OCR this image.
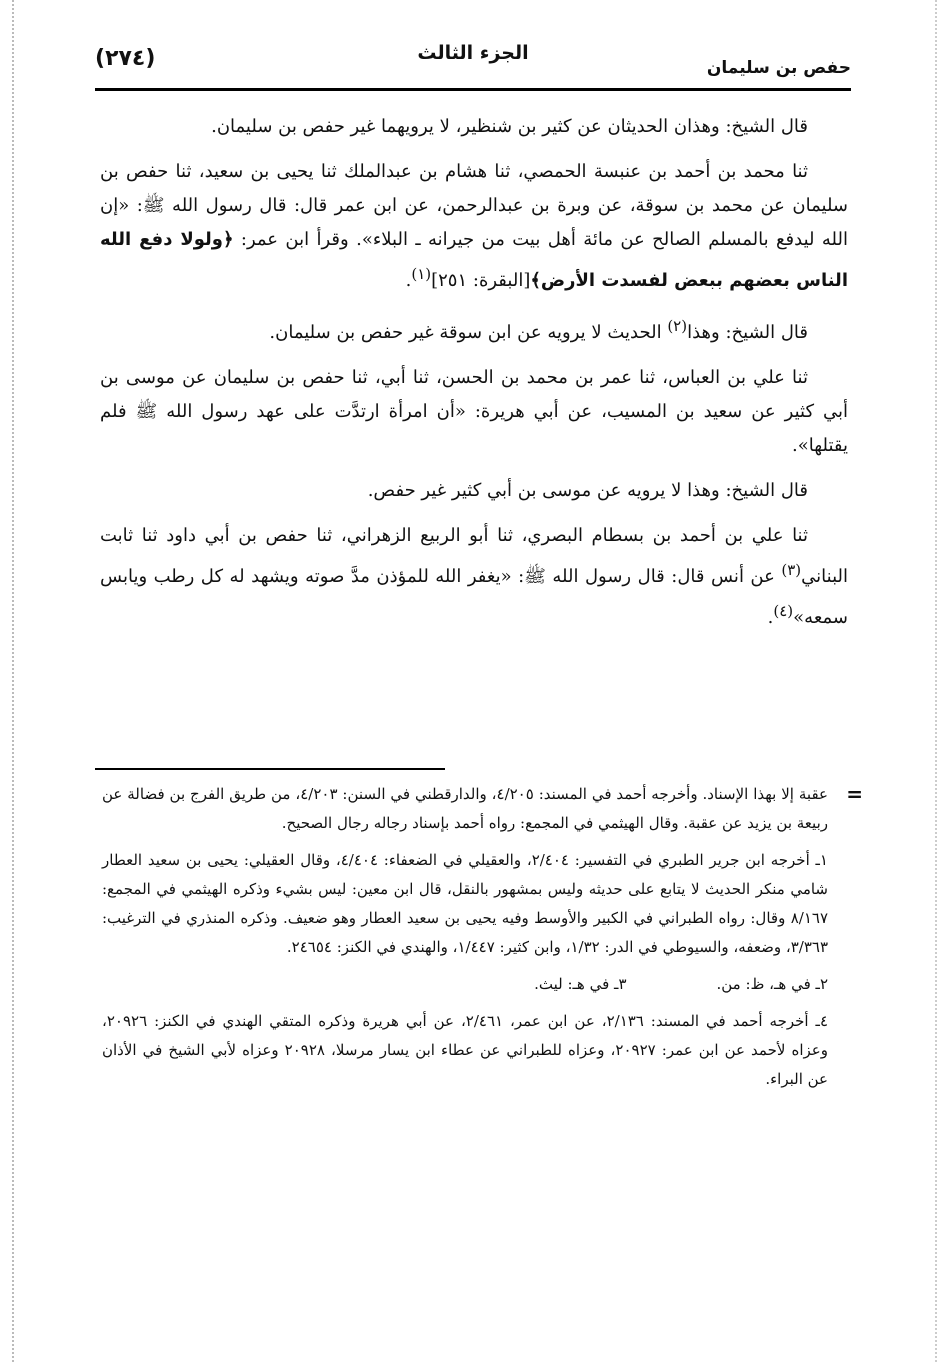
(٢٧٤)	الجزء الثالث
حفص بن سليمان

قال الشيخ: وهذان الحديثان عن كثير بن شنظير، لا يرويهما غير حفص بن سليمان.

ثنا محمد بن أحمد بن عنبسة الحمصي، ثنا هشام بن عبدالملك ثنا يحيى بن سعيد، ثنا حفص بن سليمان عن محمد بن سوقة، عن وبرة بن عبدالرحمن، عن ابن عمر قال: قال رسول الله ﷺ: «إن الله ليدفع بالمسلم الصالح عن مائة أهل بيت من جيرانه ـ البلاء». وقرأ ابن عمر: ﴿ولولا دفع الله الناس بعضهم ببعض لفسدت الأرض﴾[البقرة: ٢٥١]$^{(١)}$.

قال الشيخ: وهذا$^{(٢)}$ الحديث لا يرويه عن ابن سوقة غير حفص بن سليمان.

ثنا علي بن العباس، ثنا عمر بن محمد بن الحسن، ثنا أبي، ثنا حفص بن سليمان عن موسى بن أبي كثير عن سعيد بن المسيب، عن أبي هريرة: «أن امرأة ارتدَّت على عهد رسول الله ﷺ فلم يقتلها».

قال الشيخ: وهذا لا يرويه عن موسى بن أبي كثير غير حفص.

ثنا علي بن أحمد بن بسطام البصري، ثنا أبو الربيع الزهراني، ثنا حفص بن أبي داود ثنا ثابت البناني$^{(٣)}$ عن أنس قال: قال رسول الله ﷺ: «يغفر الله للمؤذن مدَّ صوته ويشهد له كل رطب ويابس سمعه»$^{(٤)}$.

=

عقبة إلا بهذا الإسناد. وأخرجه أحمد في المسند: ٤/٢٠٥، والدارقطني في السنن: ٤/٢٠٣، من طريق الفرج بن فضالة عن ربيعة بن يزيد عن عقبة. وقال الهيثمي في المجمع: رواه أحمد بإسناد رجاله رجال الصحيح.

١ـ أخرجه ابن جرير الطبري في التفسير: ٢/٤٠٤، والعقيلي في الضعفاء: ٤/٤٠٤، وقال العقيلي: يحيى بن سعيد العطار شامي منكر الحديث لا يتابع على حديثه وليس بمشهور بالنقل، قال ابن معين: ليس بشيء وذكره الهيثمي في المجمع: ٨/١٦٧ وقال: رواه الطبراني في الكبير والأوسط وفيه يحيى بن سعيد العطار وهو ضعيف. وذكره المنذري في الترغيب: ٣/٣٦٣، وضعفه، والسيوطي في الدر: ١/٣٢، وابن كثير: ١/٤٤٧، والهندي في الكنز: ٢٤٦٥٤.

٢ـ في هـ، ظ: من.
٣ـ في هـ: ليث.

٤ـ أخرجه أحمد في المسند: ٢/١٣٦، عن ابن عمر، ٢/٤٦١، عن أبي هريرة وذكره المتقي الهندي في الكنز: ٢٠٩٢٦، وعزاه لأحمد عن ابن عمر: ٢٠٩٢٧، وعزاه للطبراني عن عطاء ابن يسار مرسلا، ٢٠٩٢٨ وعزاه لأبي الشيخ في الأذان عن البراء.
